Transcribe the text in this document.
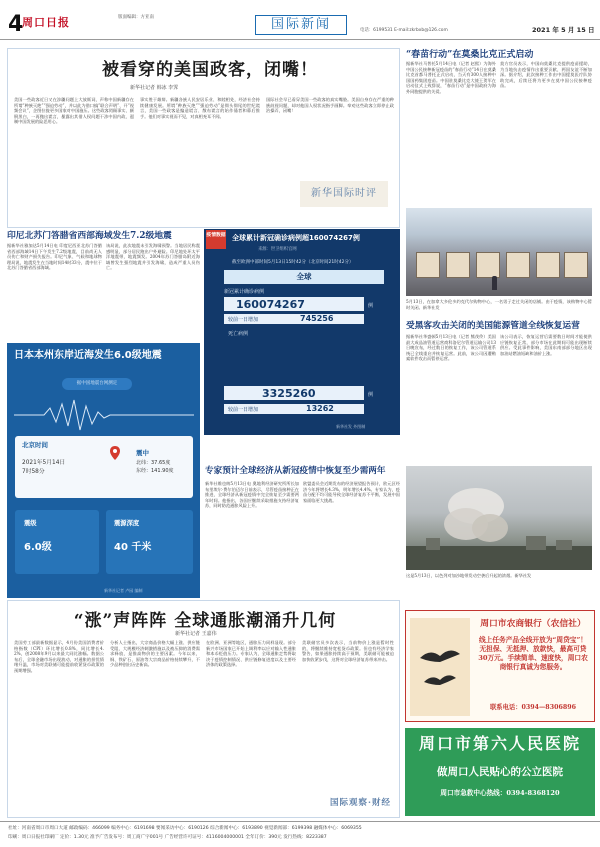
4
周口日报	版面编辑：方亚南	国际新闻	电话：6199531 E-mail:zkrbxb@126.com	2021 年 5 月 15 日
被看穿的美国政客，闭嘴！
新华社记者 韩冰 李霁
美国一些政客近日又在涉疆问题上大放厥词，声称中国新疆存在所谓“种族灭绝”“强迫劳动”，并以此为借口搞“联合声明”、开“视频会议”，企图拉拢更多国家对中国施压。这些政客罔顾事实、颠倒黑白，一再抛出谎言，暴露出其借人权问题干涉中国内政、遏制中国发展的险恶用心。
事实胜于雄辩。新疆各族人民安居乐业、和睦相处，经济社会持续健康发展。所谓“种族灭绝”“强迫劳动”是彻头彻尾的世纪谎言，美国一些政客是编造谎言、散布谎言的始作俑者和幕后推手。他们对事实视而不见，对真相充耳不闻。
国际社会早已看穿美国一些政客的真实嘴脸。美国自身存在严重的种族歧视问题，却对他国人权状况指手画脚。奉劝这些政客立即停止政治操弄，闭嘴！
新华国际时评
“春苗行动”在莫桑比克正式启动
据新华社马普托5月14日电（记者 赵熙）为海外中国公民接种新冠疫苗的“春苗行动”14日在莫桑比克首都马普托正式启动，当天有300人接种中国国药集团疫苗。中国驻莫桑比克大使王贺军在启动仪式上致辞说，“春苗行动”是中国政府为海外同胞提供的关爱。
莫方官员表示，中国向莫桑比克提供疫苗援助，为当地抗击疫情作出重要贡献，两国友谊不断加深。据介绍，此次接种工作由中国援莫医疗队协助完成，后续还将为更多在莫中国公民接种疫苗。
5月13日，在加拿大多伦多约克代尔购物中心，一名男子走过关闭的店铺。由于疫情，该购物中心暂时关闭。新华社发
印尼北苏门答腊省西部海域发生7.2级地震
据新华社雅加达5月14日电 印度尼西亚北苏门答腊省西部海域14日下午发生7.2级地震，目前尚无人员伤亡和财产损失报告。印尼气象、气候和地球物理局说，地震发生在当地时间14时33分，震中位于北苏门答腊省西部海域。
该局说，此次地震未引发海啸预警。当地居民称震感明显，部分居民跑出户外避险。印尼地处环太平洋地震带，地震频发。2004年苏门答腊岛附近海域曾发生强烈地震并引发海啸，造成严重人员伤亡。
疫情数据 全球累计新冠确诊病例超160074267例
来源：世卫组织官网
截至欧洲中部时间5月13日15时42分（北京时间21时42分）
全球
新冠累计确诊病例
160074267	例
较前一日增加	745256
死亡病例
3325260	例
较前一日增加	13262
新华社发 外图制
日本本州东岸近海发生6.0级地震
据中国地震台网测定
北京时间
2021年5月14日
7时58分
震中
北纬：37.65度
东经：141.90度
震级
6.0级
震源深度
40 千米
新华社记者 卢园 编制
专家预计全球经济从新冠疫情中恢复至少需两年
新华社维也纳5月13日电 奥地利经济研究所所长加布里埃尔·费尔伯迈尔日前表示，尽管疫苗接种正在推进，全球经济从新冠疫情中完全恢复至少需要两年时间。他指出，各国应继续采取措施支持经济复苏，同时防范通胀风险上升。
欧盟委员会近期发布的经济展望报告预计，欧元区经济今年将增长4.3%，明年增长4.4%。专家认为，疫苗分配不均可能导致全球经济复苏不平衡，发展中国家面临更大挑战。
受黑客攻击关闭的美国能源管道全线恢复运营
据新华社华盛顿5月13日电（记者 熊茂伶）美国最大成品油管道运营商科洛尼尔管道运输公司13日晚宣布，经过数日的恢复工作，该公司管道系统已全线重启并恢复运营。此前，该公司因遭勒索软件攻击而暂停运营。
该公司表示，恢复运营后需要数日时间才能使供应链恢复正常，部分市场在此期间可能出现断续供应。受此事件影响，美国东南部部分地区出现加油站燃油短缺和油价上涨。
这是5月13日，以色列对加沙地带发动空袭后升起的浓烟。新华社发
“涨”声阵阵 全球通胀潮涌升几何
新华社记者 王嘉伟
美国劳工部最新数据显示，4月份美国消费者价格指数（CPI）环比增长0.8%，同比增长4.2%，创2008年9月以来最大同比涨幅。数据公布后，全球金融市场出现波动，对通胀的担忧情绪升温，市场对美联储可能提前收紧货币政策的预期增强。
分析人士指出，大宗商品价格大幅上涨、供应链受阻、大规模经济刺激措施以及被压抑的消费需求释放，是推高物价的主要因素。今年以来，铜、铁矿石、原油等大宗商品价格持续攀升，不少品种创出历史新高。
在欧洲、亚洲等地区，通胀压力同样显现。部分新兴市场国家已开始上调利率以应对输入性通胀和本币贬值压力。专家认为，全球通胀走势将取决于疫情控制情况、供应链修复进度以及主要经济体的政策选择。
美联储官员多次表示，当前物价上涨是暂时性的，将继续维持宽松货币政策。但也有经济学家警告，如果通胀持续高于预期，美联储可能被迫加快收紧步伐，这将对全球经济复苏带来冲击。
国际观察·财经
周口市农商银行（农信社）
线上任务产品全线开放为“周贷宝”！无担保、无抵押、放款快，最高可贷30万元。手续简单、速度快，周口农商银行真诚为您服务。
联系电话：0394—8306896
周口市第六人民医院
做周口人民贴心的公立医院
周口市急救中心热线：0394-8368120
社址：河南省周口市周口大道 邮政编码：466099 编务中心：6191698 要闻采访中心：6190126 综合新闻中心：6193890 视觉新闻部：6199398 融媒体中心：6069355
印刷：周口日报社印刷厂 定价：1.30元 准予广告发布号：周工商广字001号 广告经营许可证号：4116004000001 全年订价：390元 发行热线：8223387
